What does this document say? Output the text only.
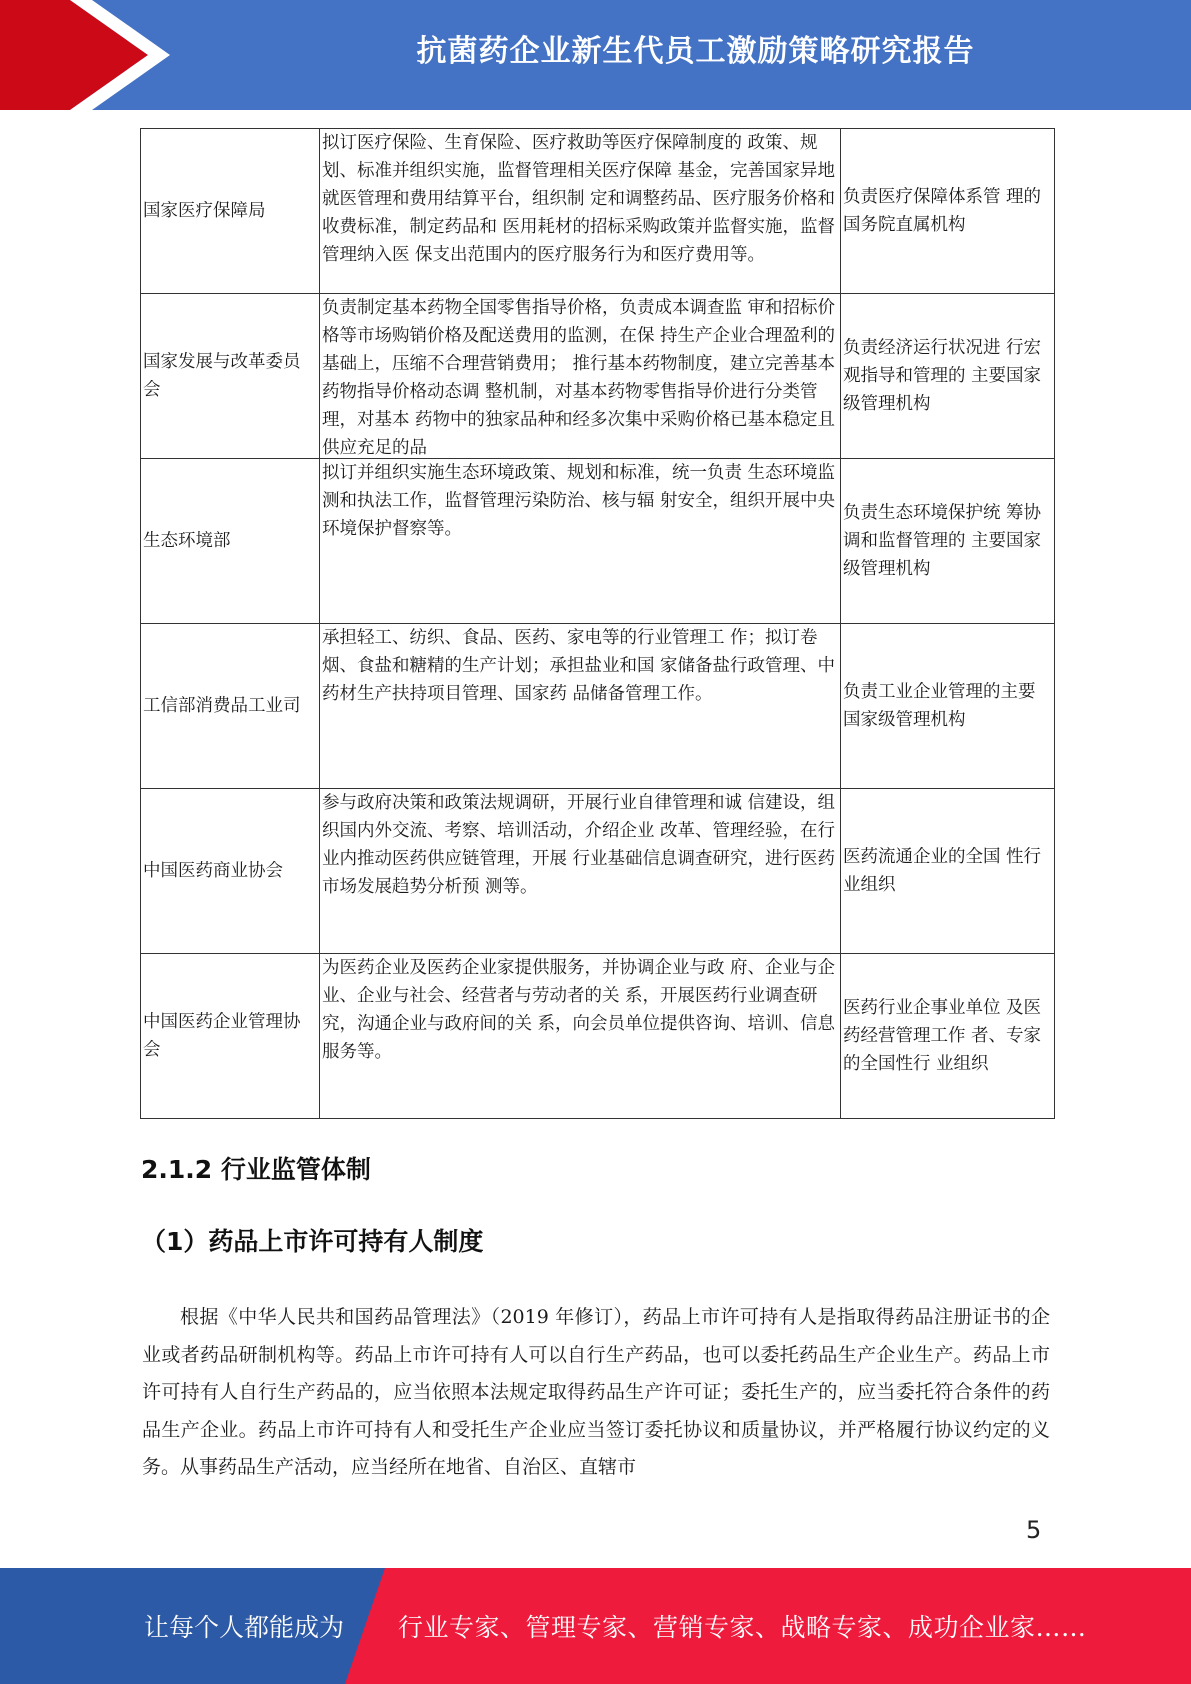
抗菌药企业新生代员工激励策略研究报告
国家医疗保障局	拟订医疗保险、生育保险、医疗救助等医疗保障制度的 政策、规划、标准并组织实施，监督管理相关医疗保障 基金，完善国家异地就医管理和费用结算平台，组织制 定和调整药品、医疗服务价格和收费标准，制定药品和 医用耗材的招标采购政策并监督实施，监督管理纳入医 保支出范围内的医疗服务行为和医疗费用等。	负责医疗保障体系管 理的国务院直属机构
国家发展与改革委员会	负责制定基本药物全国零售指导价格，负责成本调查监 审和招标价格等市场购销价格及配送费用的监测，在保 持生产企业合理盈利的基础上，压缩不合理营销费用； 推行基本药物制度，建立完善基本药物指导价格动态调 整机制，对基本药物零售指导价进行分类管理，对基本 药物中的独家品种和经多次集中采购价格已基本稳定且 供应充足的品	负责经济运行状况进 行宏观指导和管理的 主要国家级管理机构
生态环境部	拟订并组织实施生态环境政策、规划和标准，统一负责 生态环境监测和执法工作，监督管理污染防治、核与辐 射安全，组织开展中央环境保护督察等。	负责生态环境保护统 筹协调和监督管理的 主要国家级管理机构
工信部消费品工业司	承担轻工、纺织、食品、医药、家电等的行业管理工 作；拟订卷烟、食盐和糖精的生产计划；承担盐业和国 家储备盐行政管理、中药材生产扶持项目管理、国家药 品储备管理工作。	负责工业企业管理的主要国家级管理机构
中国医药商业协会	参与政府决策和政策法规调研，开展行业自律管理和诚 信建设，组织国内外交流、考察、培训活动，介绍企业 改革、管理经验，在行业内推动医药供应链管理，开展 行业基础信息调查研究，进行医药市场发展趋势分析预 测等。	医药流通企业的全国 性行业组织
中国医药企业管理协会	为医药企业及医药企业家提供服务，并协调企业与政 府、企业与企业、企业与社会、经营者与劳动者的关 系，开展医药行业调查研究，沟通企业与政府间的关 系，向会员单位提供咨询、培训、信息服务等。	医药行业企事业单位 及医药经营管理工作 者、专家的全国性行 业组织
2.1.2 行业监管体制
（1）药品上市许可持有人制度
根据《中华人民共和国药品管理法》（2019 年修订），药品上市许可持有人是指取得药品注册证书的企业或者药品研制机构等。药品上市许可持有人可以自行生产药品，也可以委托药品生产企业生产。药品上市许可持有人自行生产药品的，应当依照本法规定取得药品生产许可证；委托生产的，应当委托符合条件的药品生产企业。药品上市许可持有人和受托生产企业应当签订委托协议和质量协议，并严格履行协议约定的义务。从事药品生产活动，应当经所在地省、自治区、直辖市
5
让每个人都能成为 行业专家、管理专家、营销专家、战略专家、成功企业家……
